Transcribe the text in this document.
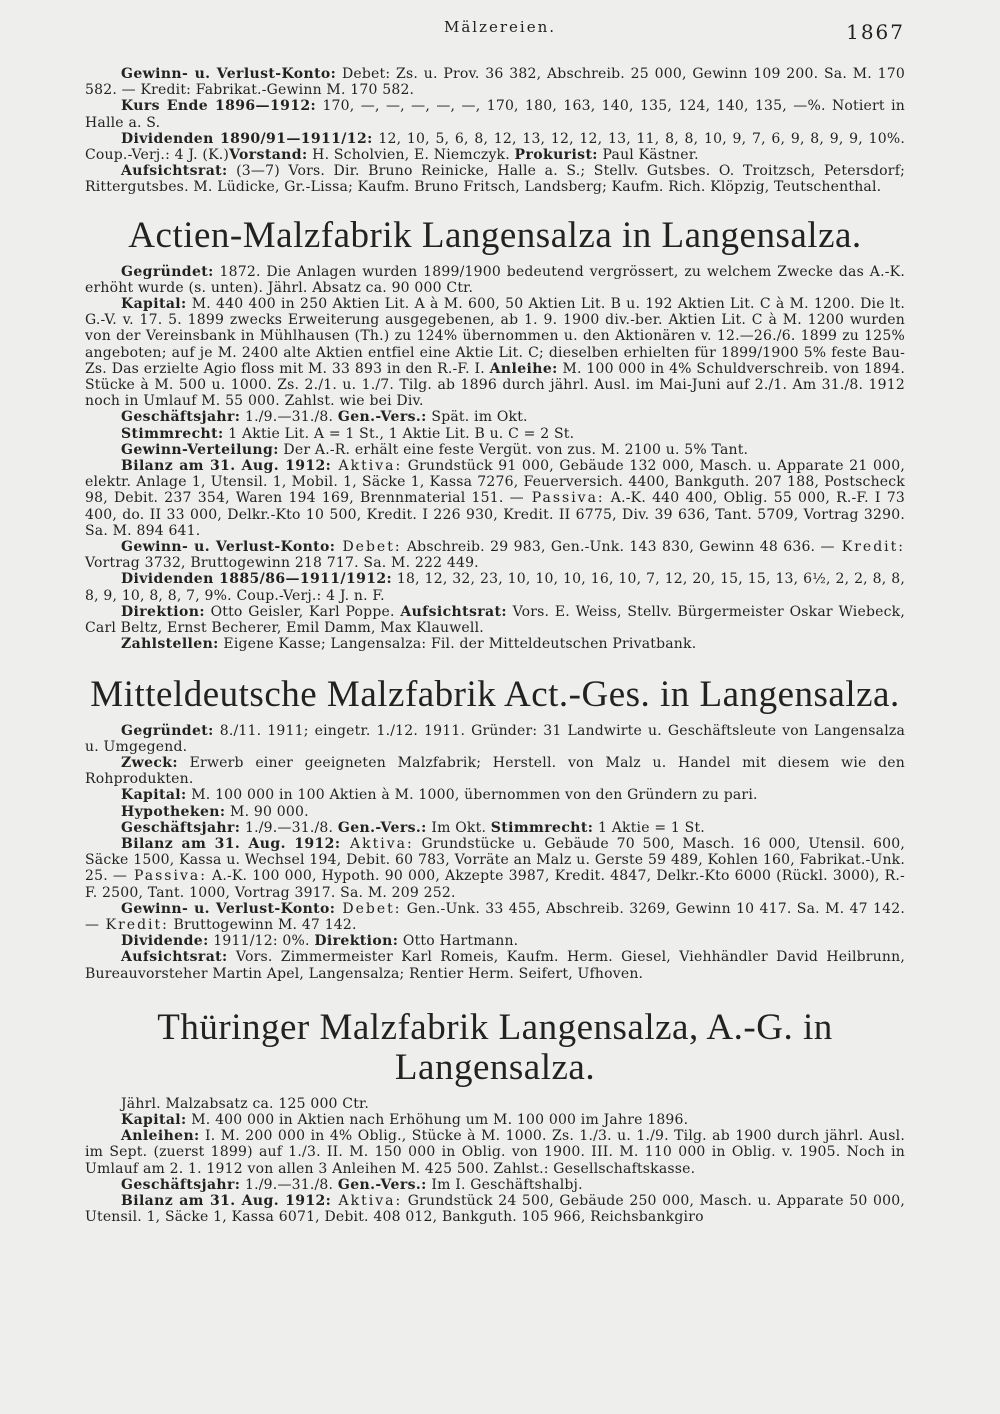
Mälzereien.	1867

Gewinn- u. Verlust-Konto: Debet: Zs. u. Prov. 36 382, Abschreib. 25 000, Gewinn 109 200. Sa. M. 170 582. — Kredit: Fabrikat.-Gewinn M. 170 582.

Kurs Ende 1896—1912: 170, —, —, —, —, —, 170, 180, 163, 140, 135, 124, 140, 135, —%. Notiert in Halle a. S.

Dividenden 1890/91—1911/12: 12, 10, 5, 6, 8, 12, 13, 12, 12, 13, 11, 8, 8, 10, 9, 7, 6, 9, 8, 9, 9, 10%. Coup.-Verj.: 4 J. (K.)Vorstand: H. Scholvien, E. Niemczyk. Prokurist: Paul Kästner.

Aufsichtsrat: (3—7) Vors. Dir. Bruno Reinicke, Halle a. S.; Stellv. Gutsbes. O. Troitzsch, Petersdorf; Rittergutsbes. M. Lüdicke, Gr.-Lissa; Kaufm. Bruno Fritsch, Landsberg; Kaufm. Rich. Klöpzig, Teutschenthal.

Actien-Malzfabrik Langensalza in Langensalza.

Gegründet: 1872. Die Anlagen wurden 1899/1900 bedeutend vergrössert, zu welchem Zwecke das A.-K. erhöht wurde (s. unten). Jährl. Absatz ca. 90 000 Ctr.

Kapital: M. 440 400 in 250 Aktien Lit. A à M. 600, 50 Aktien Lit. B u. 192 Aktien Lit. C à M. 1200. Die lt. G.-V. v. 17. 5. 1899 zwecks Erweiterung ausgegebenen, ab 1. 9. 1900 div.-ber. Aktien Lit. C à M. 1200 wurden von der Vereinsbank in Mühlhausen (Th.) zu 124% übernommen u. den Aktionären v. 12.—26./6. 1899 zu 125% angeboten; auf je M. 2400 alte Aktien entfiel eine Aktie Lit. C; dieselben erhielten für 1899/1900 5% feste Bau-Zs. Das erzielte Agio floss mit M. 33 893 in den R.-F. I. Anleihe: M. 100 000 in 4% Schuldverschreib. von 1894. Stücke à M. 500 u. 1000. Zs. 2./1. u. 1./7. Tilg. ab 1896 durch jährl. Ausl. im Mai-Juni auf 2./1. Am 31./8. 1912 noch in Umlauf M. 55 000. Zahlst. wie bei Div.

Geschäftsjahr: 1./9.—31./8. Gen.-Vers.: Spät. im Okt.

Stimmrecht: 1 Aktie Lit. A = 1 St., 1 Aktie Lit. B u. C = 2 St.

Gewinn-Verteilung: Der A.-R. erhält eine feste Vergüt. von zus. M. 2100 u. 5% Tant.

Bilanz am 31. Aug. 1912: Aktiva: Grundstück 91 000, Gebäude 132 000, Masch. u. Apparate 21 000, elektr. Anlage 1, Utensil. 1, Mobil. 1, Säcke 1, Kassa 7276, Feuerversich. 4400, Bankguth. 207 188, Postscheck 98, Debit. 237 354, Waren 194 169, Brennmaterial 151. — Passiva: A.-K. 440 400, Oblig. 55 000, R.-F. I 73 400, do. II 33 000, Delkr.-Kto 10 500, Kredit. I 226 930, Kredit. II 6775, Div. 39 636, Tant. 5709, Vortrag 3290. Sa. M. 894 641.

Gewinn- u. Verlust-Konto: Debet: Abschreib. 29 983, Gen.-Unk. 143 830, Gewinn 48 636. — Kredit: Vortrag 3732, Bruttogewinn 218 717. Sa. M. 222 449.

Dividenden 1885/86—1911/1912: 18, 12, 32, 23, 10, 10, 10, 16, 10, 7, 12, 20, 15, 15, 13, 6½, 2, 2, 8, 8, 8, 9, 10, 8, 8, 7, 9%. Coup.-Verj.: 4 J. n. F.

Direktion: Otto Geisler, Karl Poppe. Aufsichtsrat: Vors. E. Weiss, Stellv. Bürgermeister Oskar Wiebeck, Carl Beltz, Ernst Becherer, Emil Damm, Max Klauwell.

Zahlstellen: Eigene Kasse; Langensalza: Fil. der Mitteldeutschen Privatbank.

Mitteldeutsche Malzfabrik Act.-Ges. in Langensalza.

Gegründet: 8./11. 1911; eingetr. 1./12. 1911. Gründer: 31 Landwirte u. Geschäftsleute von Langensalza u. Umgegend.

Zweck: Erwerb einer geeigneten Malzfabrik; Herstell. von Malz u. Handel mit diesem wie den Rohprodukten.

Kapital: M. 100 000 in 100 Aktien à M. 1000, übernommen von den Gründern zu pari.

Hypotheken: M. 90 000.

Geschäftsjahr: 1./9.—31./8. Gen.-Vers.: Im Okt. Stimmrecht: 1 Aktie = 1 St.

Bilanz am 31. Aug. 1912: Aktiva: Grundstücke u. Gebäude 70 500, Masch. 16 000, Utensil. 600, Säcke 1500, Kassa u. Wechsel 194, Debit. 60 783, Vorräte an Malz u. Gerste 59 489, Kohlen 160, Fabrikat.-Unk. 25. — Passiva: A.-K. 100 000, Hypoth. 90 000, Akzepte 3987, Kredit. 4847, Delkr.-Kto 6000 (Rückl. 3000), R.-F. 2500, Tant. 1000, Vortrag 3917. Sa. M. 209 252.

Gewinn- u. Verlust-Konto: Debet: Gen.-Unk. 33 455, Abschreib. 3269, Gewinn 10 417. Sa. M. 47 142. — Kredit: Bruttogewinn M. 47 142.

Dividende: 1911/12: 0%. Direktion: Otto Hartmann.

Aufsichtsrat: Vors. Zimmermeister Karl Romeis, Kaufm. Herm. Giesel, Viehhändler David Heilbrunn, Bureauvorsteher Martin Apel, Langensalza; Rentier Herm. Seifert, Ufhoven.

Thüringer Malzfabrik Langensalza, A.-G. in Langensalza.

Jährl. Malzabsatz ca. 125 000 Ctr.

Kapital: M. 400 000 in Aktien nach Erhöhung um M. 100 000 im Jahre 1896.

Anleihen: I. M. 200 000 in 4% Oblig., Stücke à M. 1000. Zs. 1./3. u. 1./9. Tilg. ab 1900 durch jährl. Ausl. im Sept. (zuerst 1899) auf 1./3. II. M. 150 000 in Oblig. von 1900. III. M. 110 000 in Oblig. v. 1905. Noch in Umlauf am 2. 1. 1912 von allen 3 Anleihen M. 425 500. Zahlst.: Gesellschaftskasse.

Geschäftsjahr: 1./9.—31./8. Gen.-Vers.: Im I. Geschäftshalbj.

Bilanz am 31. Aug. 1912: Aktiva: Grundstück 24 500, Gebäude 250 000, Masch. u. Apparate 50 000, Utensil. 1, Säcke 1, Kassa 6071, Debit. 408 012, Bankguth. 105 966, Reichsbankgiro
